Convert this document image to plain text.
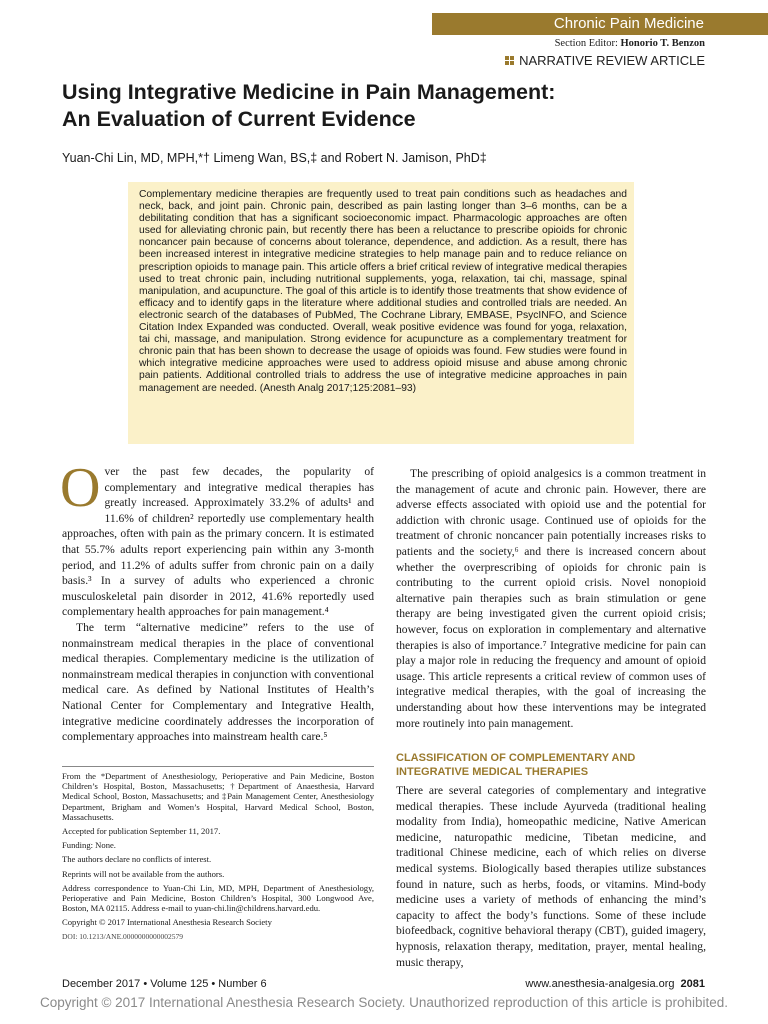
Chronic Pain Medicine
Section Editor: Honorio T. Benzon
NARRATIVE REVIEW ARTICLE
Using Integrative Medicine in Pain Management:
An Evaluation of Current Evidence
Yuan-Chi Lin, MD, MPH,*† Limeng Wan, BS,‡ and Robert N. Jamison, PhD‡

Complementary medicine therapies are frequently used to treat pain conditions such as headaches and neck, back, and joint pain. Chronic pain, described as pain lasting longer than 3–6 months, can be a debilitating condition that has a significant socioeconomic impact. Pharmacologic approaches are often used for alleviating chronic pain, but recently there has been a reluctance to prescribe opioids for chronic noncancer pain because of concerns about tolerance, dependence, and addiction. As a result, there has been increased interest in integrative medicine strategies to help manage pain and to reduce reliance on prescription opioids to manage pain. This article offers a brief critical review of integrative medical therapies used to treat chronic pain, including nutritional supplements, yoga, relaxation, tai chi, massage, spinal manipulation, and acupuncture. The goal of this article is to identify those treatments that show evidence of efficacy and to identify gaps in the literature where additional studies and controlled trials are needed. An electronic search of the databases of PubMed, The Cochrane Library, EMBASE, PsycINFO, and Science Citation Index Expanded was conducted. Overall, weak positive evidence was found for yoga, relaxation, tai chi, massage, and manipulation. Strong evidence for acupuncture as a complementary treatment for chronic pain that has been shown to decrease the usage of opioids was found. Few studies were found in which integrative medicine approaches were used to address opioid misuse and abuse among chronic pain patients. Additional controlled trials to address the use of integrative medicine approaches in pain management are needed. (Anesth Analg 2017;125:2081–93)

Over the past few decades, the popularity of complementary and integrative medical therapies has greatly increased. Approximately 33.2% of adults¹ and 11.6% of children² reportedly use complementary health approaches, often with pain as the primary concern. It is estimated that 55.7% adults report experiencing pain within any 3-month period, and 11.2% of adults suffer from chronic pain on a daily basis.³ In a survey of adults who experienced a chronic musculoskeletal pain disorder in 2012, 41.6% reportedly used complementary health approaches for pain management.⁴

The term “alternative medicine” refers to the use of nonmainstream medical therapies in the place of conventional medical therapies. Complementary medicine is the utilization of nonmainstream medical therapies in conjunction with conventional medical care. As defined by National Institutes of Health’s National Center for Complementary and Integrative Health, integrative medicine coordinately addresses the incorporation of complementary approaches into mainstream health care.⁵

From the *Department of Anesthesiology, Perioperative and Pain Medicine, Boston Children’s Hospital, Boston, Massachusetts; †Department of Anaesthesia, Harvard Medical School, Boston, Massachusetts; and ‡Pain Management Center, Anesthesiology Department, Brigham and Women’s Hospital, Harvard Medical School, Boston, Massachusetts.

Accepted for publication September 11, 2017.

Funding: None.

The authors declare no conflicts of interest.

Reprints will not be available from the authors.

Address correspondence to Yuan-Chi Lin, MD, MPH, Department of Anesthesiology, Perioperative and Pain Medicine, Boston Children’s Hospital, 300 Longwood Ave, Boston, MA 02115. Address e-mail to yuan-chi.lin@childrens.harvard.edu.

Copyright © 2017 International Anesthesia Research Society

DOI: 10.1213/ANE.0000000000002579

The prescribing of opioid analgesics is a common treatment in the management of acute and chronic pain. However, there are adverse effects associated with opioid use and the potential for addiction with chronic usage. Continued use of opioids for the treatment of chronic noncancer pain potentially increases risks to patients and the society,⁶ and there is increased concern about whether the overprescribing of opioids for chronic pain is contributing to the current opioid crisis. Novel nonopioid alternative pain therapies such as brain stimulation or gene therapy are being investigated given the current opioid crisis; however, focus on exploration in complementary and alternative therapies is also of importance.⁷ Integrative medicine for pain can play a major role in reducing the frequency and amount of opioid usage. This article represents a critical review of common uses of integrative medical therapies, with the goal of increasing the understanding about how these interventions may be integrated more routinely into pain management.

CLASSIFICATION OF COMPLEMENTARY AND INTEGRATIVE MEDICAL THERAPIES

There are several categories of complementary and integrative medical therapies. These include Ayurveda (traditional healing modality from India), homeopathic medicine, Native American medicine, naturopathic medicine, Tibetan medicine, and traditional Chinese medicine, each of which relies on diverse medical systems. Biologically based therapies utilize substances found in nature, such as herbs, foods, or vitamins. Mind-body medicine uses a variety of methods of enhancing the mind’s capacity to affect the body’s functions. Some of these include biofeedback, cognitive behavioral therapy (CBT), guided imagery, hypnosis, relaxation therapy, meditation, prayer, mental healing, music therapy,

December 2017 • Volume 125 • Number 6	www.anesthesia-analgesia.org 2081
Copyright © 2017 International Anesthesia Research Society. Unauthorized reproduction of this article is prohibited.
